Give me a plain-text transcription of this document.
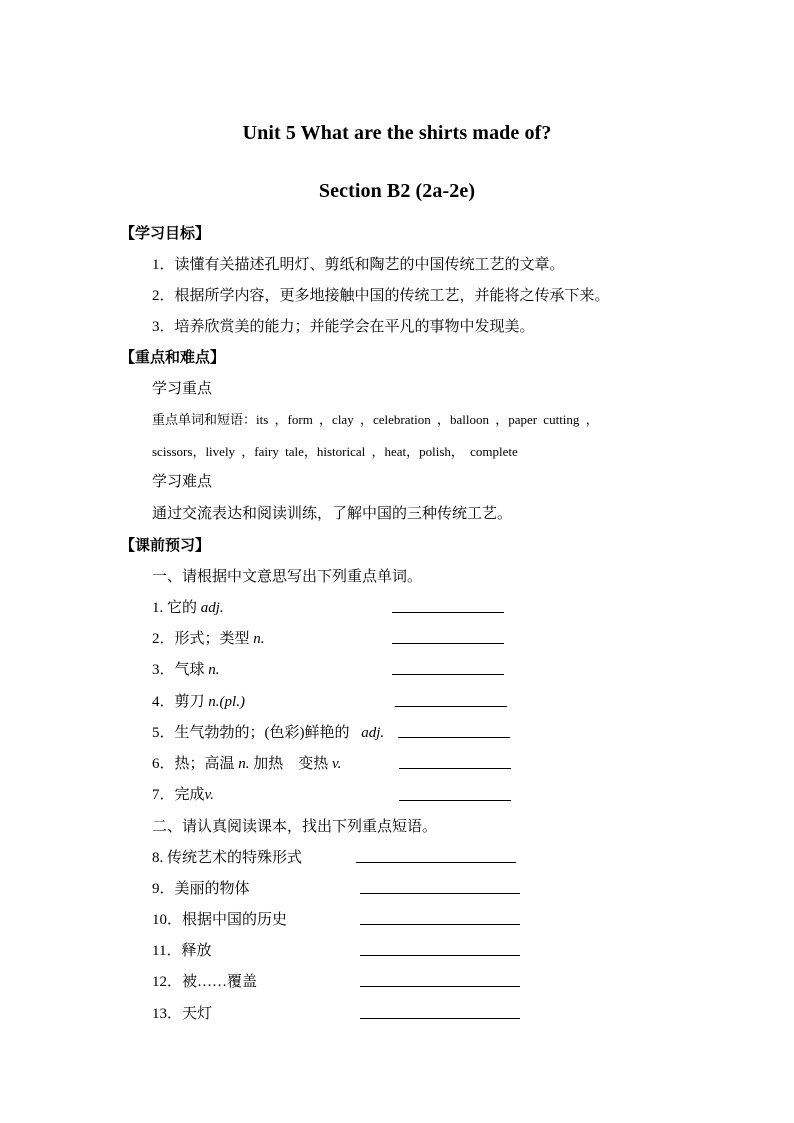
Unit 5 What are the shirts made of?
Section B2 (2a-2e)
【学习目标】
1．读懂有关描述孔明灯、剪纸和陶艺的中国传统工艺的文章。
2．根据所学内容，更多地接触中国的传统工艺，并能将之传承下来。
3．培养欣赏美的能力；并能学会在平凡的事物中发现美。
【重点和难点】
学习重点
重点单词和短语：its ，form ，clay ，celebration ，balloon ，paper cutting ，
scissors，lively ，fairy tale，historical ，heat，polish， complete
学习难点
通过交流表达和阅读训练，了解中国的三种传统工艺。
【课前预习】
一、请根据中文意思写出下列重点单词。
1. 它的 adj.
2．形式；类型 n.
3．气球 n.
4．剪刀 n.(pl.)
5．生气勃勃的；(色彩)鲜艳的 adj.
6．热；高温 n. 加热　变热 v.
7．完成v.
二、请认真阅读课本，找出下列重点短语。
8. 传统艺术的特殊形式
9．美丽的物体
10．根据中国的历史
11．释放
12．被……覆盖
13．天灯
